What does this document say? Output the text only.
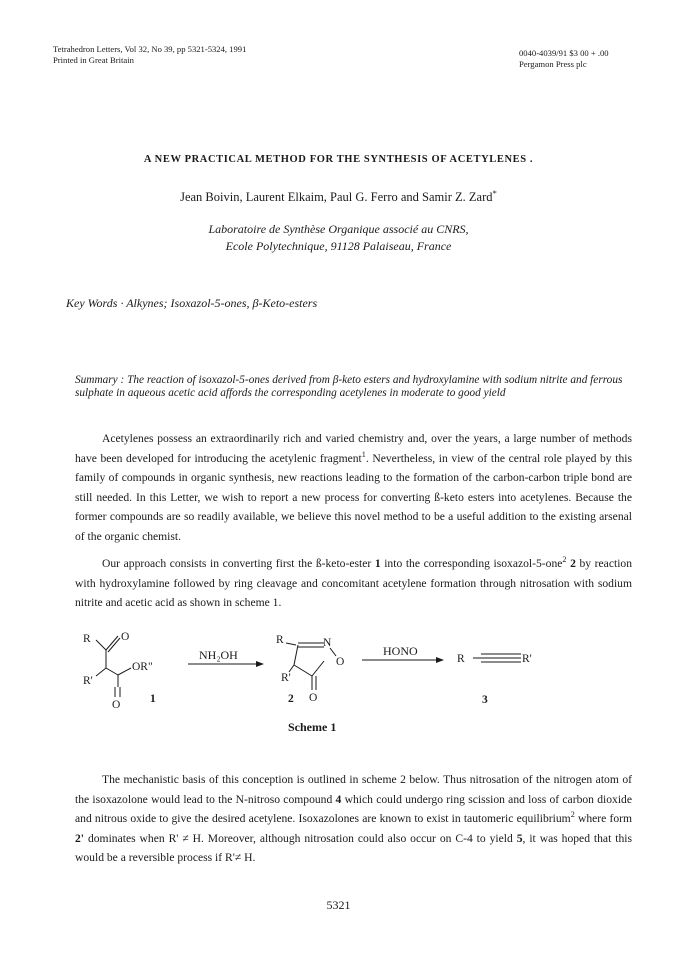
Tetrahedron Letters, Vol 32, No 39, pp 5321-5324, 1991
Printed in Great Britain
0040-4039/91 $3 00 + .00
Pergamon Press plc
A NEW PRACTICAL METHOD FOR THE SYNTHESIS OF ACETYLENES .
Jean Boivin, Laurent Elkaim, Paul G. Ferro and Samir Z. Zard*
Laboratoire de Synthèse Organique associé au CNRS,
Ecole Polytechnique, 91128 Palaiseau, France
Key Words · Alkynes; Isoxazol-5-ones, β-Keto-esters
Summary : The reaction of isoxazol-5-ones derived from β-keto esters and hydroxylamine with sodium nitrite and ferrous sulphate in aqueous acetic acid affords the corresponding acetylenes in moderate to good yield

Acetylenes possess an extraordinarily rich and varied chemistry and, over the years, a large number of methods have been developed for introducing the acetylenic fragment$^1$. Nevertheless, in view of the central role played by this family of compounds in organic synthesis, new reactions leading to the formation of the carbon-carbon triple bond are still needed. In this Letter, we wish to report a new process for converting ß-keto esters into acetylenes. Because the former compounds are so readily available, we believe this novel method to be a useful addition to the existing arsenal of the organic chemist.

Our approach consists in converting first the ß-keto-ester 1 into the corresponding isoxazol-5-one$^2$ 2 by reaction with hydroxylamine followed by ring cleavage and concomitant acetylene formation through nitrosation with sodium nitrite and acetic acid as shown in scheme 1.

R	O
OR"
R'
O	1
NH₂OH
R	N
O
R'
O
2
HONO
R	R'
3
Scheme 1

The mechanistic basis of this conception is outlined in scheme 2 below. Thus nitrosation of the nitrogen atom of the isoxazolone would lead to the N-nitroso compound 4 which could undergo ring scission and loss of carbon dioxide and nitrous oxide to give the desired acetylene. Isoxazolones are known to exist in tautomeric equilibrium$^2$ where form 2' dominates when R' ≠ H. Moreover, although nitrosation could also occur on C-4 to yield 5, it was hoped that this would be a reversible process if R'≠ H.

5321
